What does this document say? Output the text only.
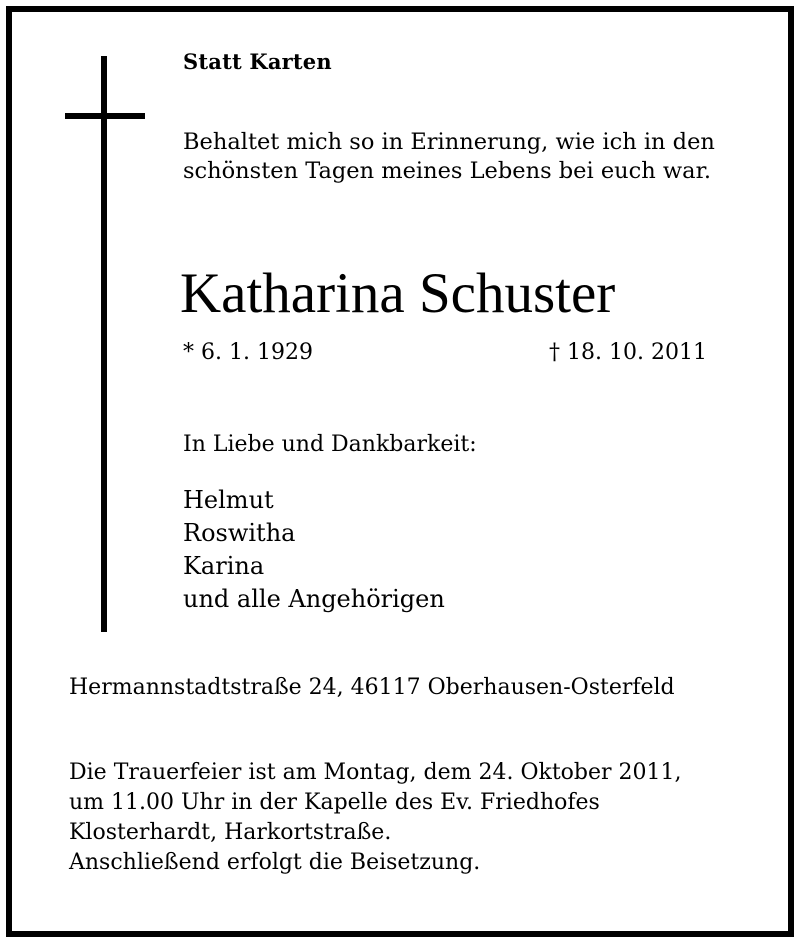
Statt Karten
Behaltet mich so in Erinnerung, wie ich in den
schönsten Tagen meines Lebens bei euch war.
Katharina Schuster
* 6. 1. 1929	† 18. 10. 2011
In Liebe und Dankbarkeit:
Helmut
Roswitha
Karina
und alle Angehörigen
Hermannstadtstraße 24, 46117 Oberhausen-Osterfeld
Die Trauerfeier ist am Montag, dem 24. Oktober 2011,
um 11.00 Uhr in der Kapelle des Ev. Friedhofes
Klosterhardt, Harkortstraße.
Anschließend erfolgt die Beisetzung.
